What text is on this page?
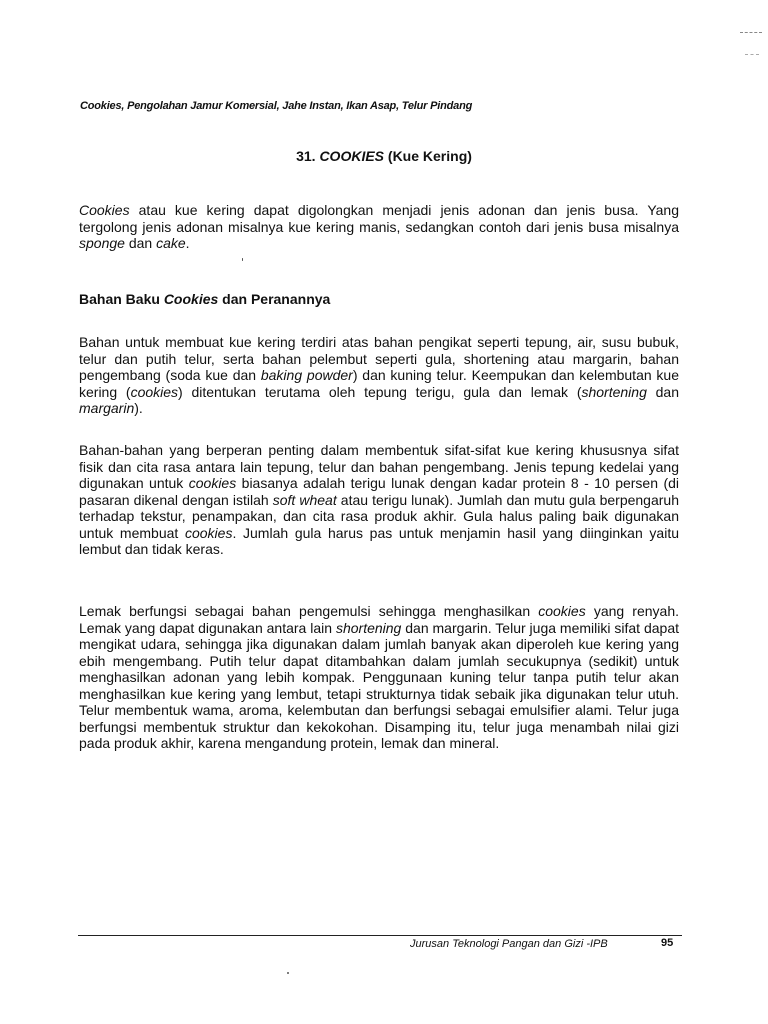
Cookies, Pengolahan Jamur Komersial, Jahe Instan, Ikan Asap, Telur Pindang
31. COOKIES (Kue Kering)

Cookies atau kue kering dapat digolongkan menjadi jenis adonan dan jenis busa. Yang tergolong jenis adonan misalnya kue kering manis, sedangkan contoh dari jenis busa misalnya sponge dan cake.

Bahan Baku Cookies dan Peranannya

Bahan untuk membuat kue kering terdiri atas bahan pengikat seperti tepung, air, susu bubuk, telur dan putih telur, serta bahan pelembut seperti gula, shortening atau margarin, bahan pengembang (soda kue dan baking powder) dan kuning telur. Keempukan dan kelembutan kue kering (cookies) ditentukan terutama oleh tepung terigu, gula dan lemak (shortening dan margarin).

Bahan-bahan yang berperan penting dalam membentuk sifat-sifat kue kering khususnya sifat fisik dan cita rasa antara lain tepung, telur dan bahan pengembang. Jenis tepung kedelai yang digunakan untuk cookies biasanya adalah terigu lunak dengan kadar protein 8 - 10 persen (di pasaran dikenal dengan istilah soft wheat atau terigu lunak). Jumlah dan mutu gula berpengaruh terhadap tekstur, penampakan, dan cita rasa produk akhir. Gula halus paling baik digunakan untuk membuat cookies. Jumlah gula harus pas untuk menjamin hasil yang diinginkan yaitu lembut dan tidak keras.

Lemak berfungsi sebagai bahan pengemulsi sehingga menghasilkan cookies yang renyah. Lemak yang dapat digunakan antara lain shortening dan margarin. Telur juga memiliki sifat dapat mengikat udara, sehingga jika digunakan dalam jumlah banyak akan diperoleh kue kering yang ebih mengembang. Putih telur dapat ditambahkan dalam jumlah secukupnya (sedikit) untuk menghasilkan adonan yang lebih kompak. Penggunaan kuning telur tanpa putih telur akan menghasilkan kue kering yang lembut, tetapi strukturnya tidak sebaik jika digunakan telur utuh. Telur membentuk wama, aroma, kelembutan dan berfungsi sebagai emulsifier alami. Telur juga berfungsi membentuk struktur dan kekokohan. Disamping itu, telur juga menambah nilai gizi pada produk akhir, karena mengandung protein, lemak dan mineral.

Jurusan Teknologi Pangan dan Gizi -IPB	95
